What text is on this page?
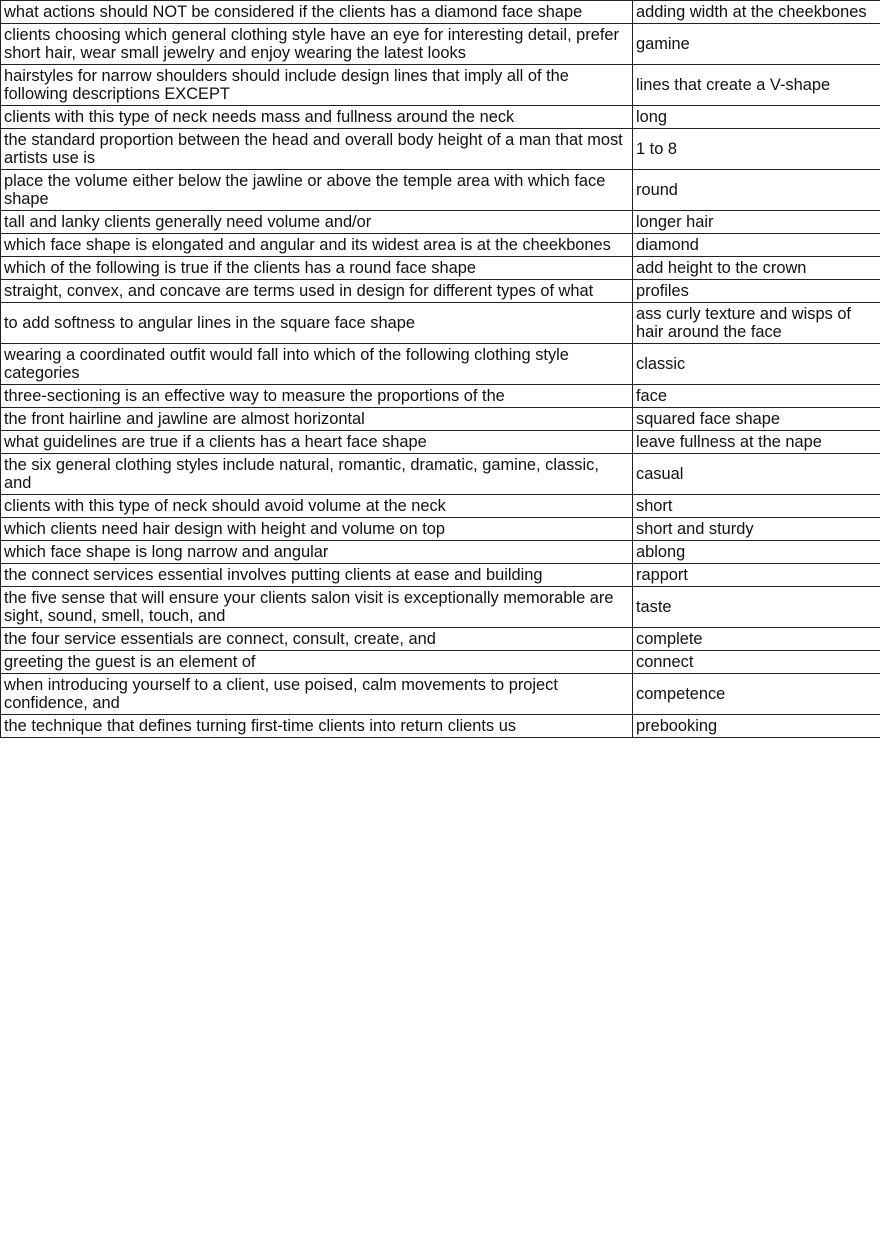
what actions should NOT be considered if the clients has a diamond face shape	adding width at the cheekbones
clients choosing which general clothing style have an eye for interesting detail, prefer short hair, wear small jewelry and enjoy wearing the latest looks	gamine
hairstyles for narrow shoulders should include design lines that imply all of the following descriptions EXCEPT	lines that create a V-shape
clients with this type of neck needs mass and fullness around the neck	long
the standard proportion between the head and overall body height of a man that most artists use is	1 to 8
place the volume either below the jawline or above the temple area with which face shape	round
tall and lanky clients generally need volume and/or	longer hair
which face shape is elongated and angular and its widest area is at the cheekbones	diamond
which of the following is true if the clients has a round face shape	add height to the crown
straight, convex, and concave are terms used in design for different types of what	profiles
to add softness to angular lines in the square face shape	ass curly texture and wisps of hair around the face
wearing a coordinated outfit would fall into which of the following clothing style categories	classic
three-sectioning is an effective way to measure the proportions of the	face
the front hairline and jawline are almost horizontal	squared face shape
what guidelines are true if a clients has a heart face shape	leave fullness at the nape
the six general clothing styles include natural, romantic, dramatic, gamine, classic, and	casual
clients with this type of neck should avoid volume at the neck	short
which clients need hair design with height and volume on top	short and sturdy
which face shape is long narrow and angular	ablong
the connect services essential involves putting clients at ease and building	rapport
the five sense that will ensure your clients salon visit is exceptionally memorable are sight, sound, smell, touch, and	taste
the four service essentials are connect, consult, create, and	complete
greeting the guest is an element of	connect
when introducing yourself to a client, use poised, calm movements to project confidence, and	competence
the technique that defines turning first-time clients into return clients us	prebooking
